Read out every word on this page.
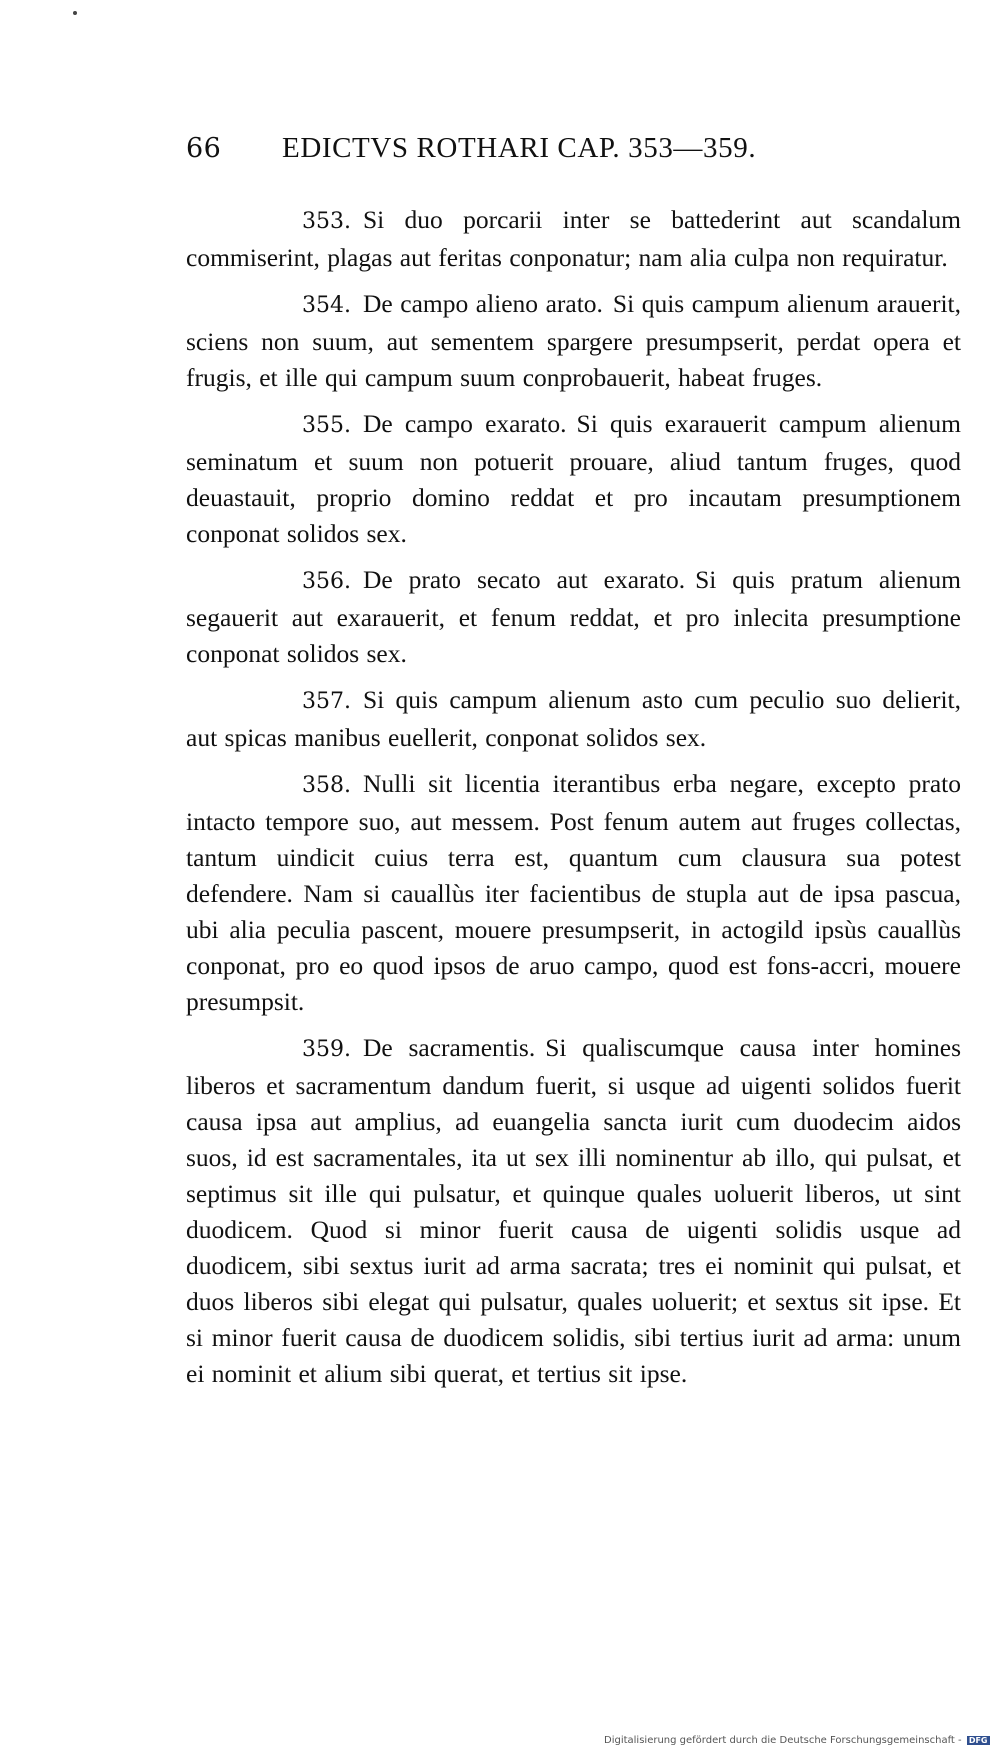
66	EDICTVS ROTHARI CAP. 353—359.

353. Si duo porcarii inter se battederint aut scandalum commiserint, plagas aut feritas conponatur; nam alia culpa non requiratur.

354. De campo alieno arato. Si quis campum alienum arauerit, sciens non suum, aut sementem spargere presumpserit, perdat opera et frugis, et ille qui campum suum conprobauerit, habeat fruges.

355. De campo exarato. Si quis exarauerit campum alienum seminatum et suum non potuerit prouare, aliud tantum fruges, quod deuastauit, proprio domino reddat et pro incautam presumptionem conponat solidos sex.

356. De prato secato aut exarato. Si quis pratum alienum segauerit aut exarauerit, et fenum reddat, et pro inlecita presumptione conponat solidos sex.

357. Si quis campum alienum asto cum peculio suo delierit, aut spicas manibus euellerit, conponat solidos sex.

358. Nulli sit licentia iterantibus erba negare, excepto prato intacto tempore suo, aut messem. Post fenum autem aut fruges collectas, tantum uindicit cuius terra est, quantum cum clausura sua potest defendere. Nam si cauallùs iter facientibus de stupla aut de ipsa pascua, ubi alia peculia pascent, mouere presumpserit, in actogild ipsùs cauallùs conponat, pro eo quod ipsos de aruo campo, quod est fons-accri, mouere presumpsit.

359. De sacramentis. Si qualiscumque causa inter homines liberos et sacramentum dandum fuerit, si usque ad uigenti solidos fuerit causa ipsa aut amplius, ad euangelia sancta iurit cum duodecim aidos suos, id est sacramentales, ita ut sex illi nominentur ab illo, qui pulsat, et septimus sit ille qui pulsatur, et quinque quales uoluerit liberos, ut sint duodicem. Quod si minor fuerit causa de uigenti solidis usque ad duodicem, sibi sextus iurit ad arma sacrata; tres ei nominit qui pulsat, et duos liberos sibi elegat qui pulsatur, quales uoluerit; et sextus sit ipse. Et si minor fuerit causa de duodicem solidis, sibi tertius iurit ad arma: unum ei nominit et alium sibi querat, et tertius sit ipse.

Digitalisierung gefördert durch die Deutsche Forschungsgemeinschaft - DFG
